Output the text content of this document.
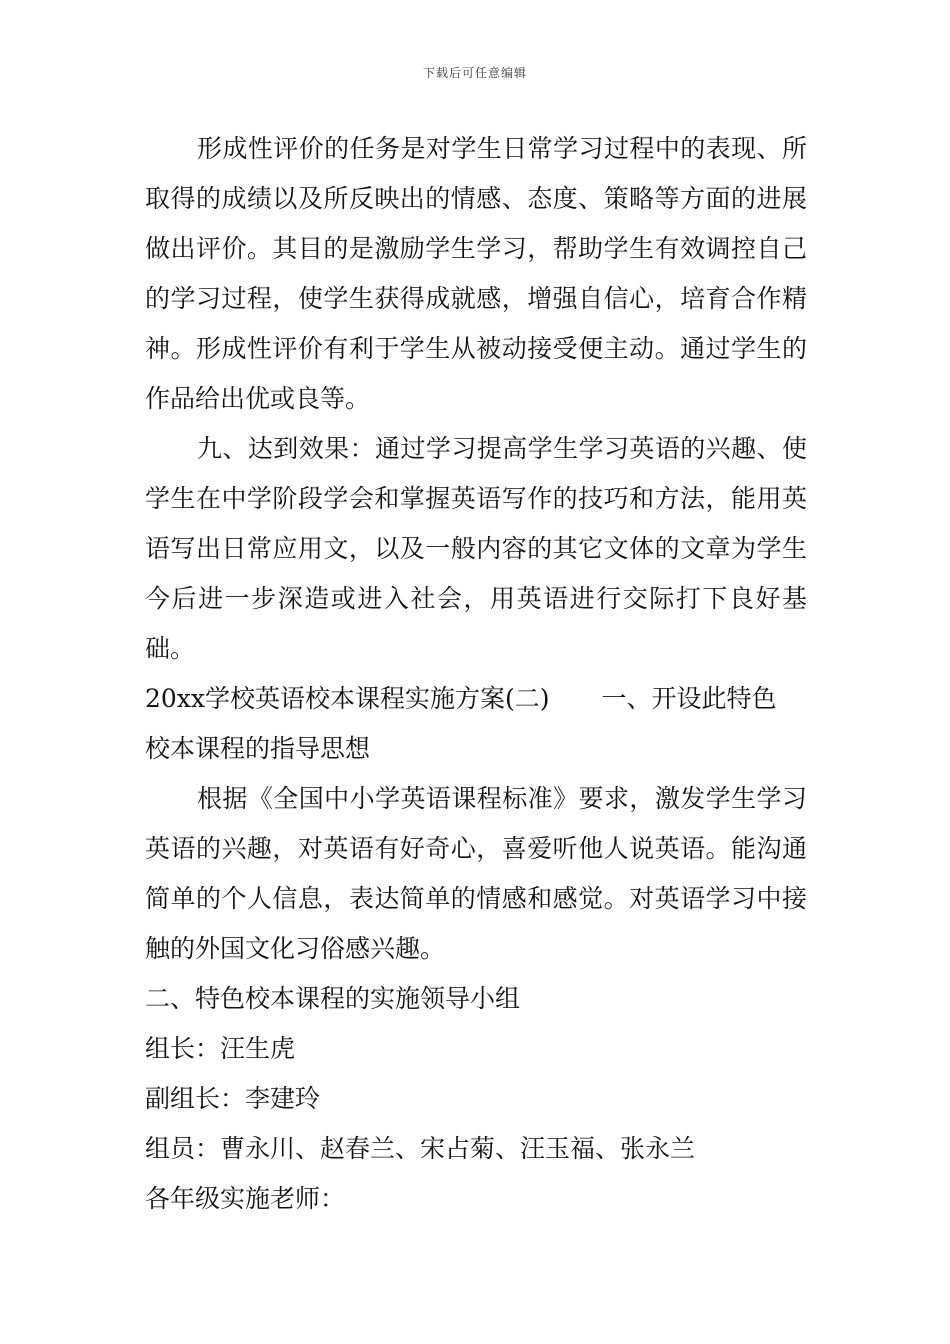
下载后可任意编辑

形成性评价的任务是对学生日常学习过程中的表现、所取得的成绩以及所反映出的情感、态度、策略等方面的进展做出评价。其目的是激励学生学习，帮助学生有效调控自己的学习过程，使学生获得成就感，增强自信心，培育合作精神。形成性评价有利于学生从被动接受便主动。通过学生的作品给出优或良等。

九、达到效果：通过学习提高学生学习英语的兴趣、使学生在中学阶段学会和掌握英语写作的技巧和方法，能用英语写出日常应用文，以及一般内容的其它文体的文章为学生今后进一步深造或进入社会，用英语进行交际打下良好基础。

20xx学校英语校本课程实施方案(二) 一、开设此特色

校本课程的指导思想

根据《全国中小学英语课程标准》要求，激发学生学习英语的兴趣，对英语有好奇心，喜爱听他人说英语。能沟通简单的个人信息，表达简单的情感和感觉。对英语学习中接触的外国文化习俗感兴趣。

二、特色校本课程的实施领导小组

组长：汪生虎

副组长：李建玲

组员：曹永川、赵春兰、宋占菊、汪玉福、张永兰

各年级实施老师：
